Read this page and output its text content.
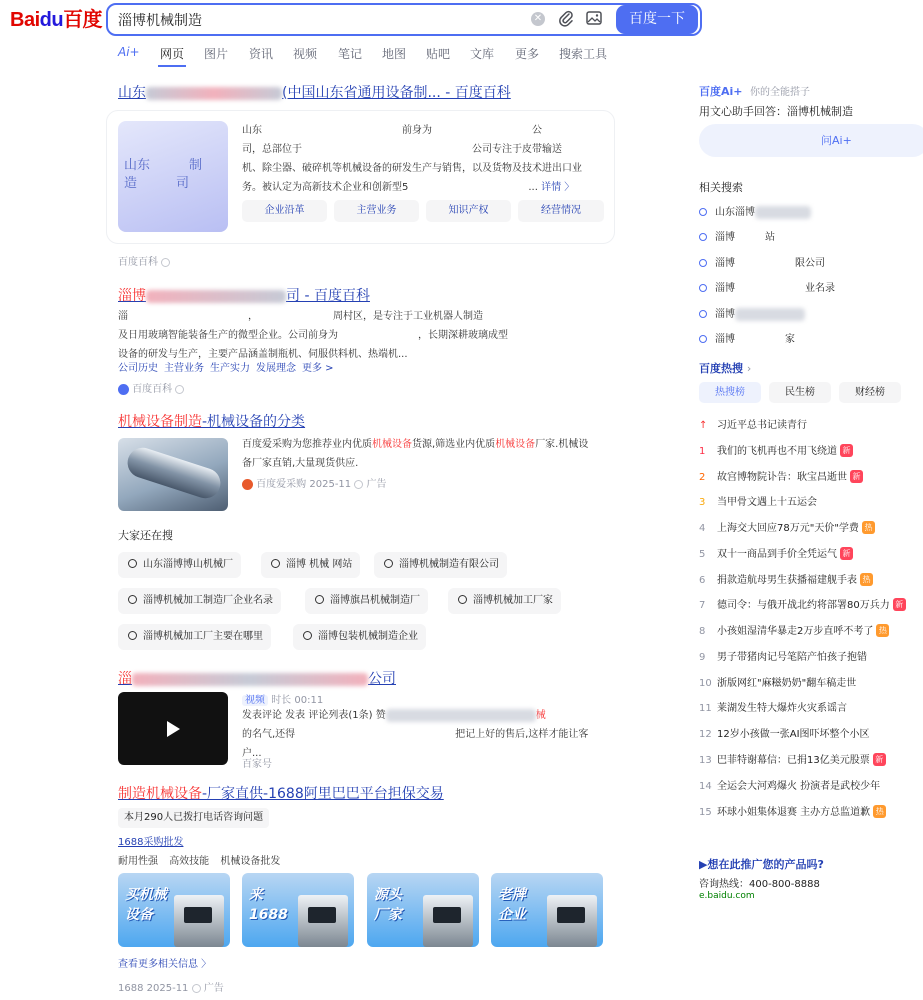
Baidu百度 淄博机械制造	✕	百度一下
Ai+ 网页 图片 资讯 视频 笔记 地图 贴吧 文库 更多 搜索工具
山东	(中国山东省通用设备制... - 百度百科
山东　　　制
造　　　司
山东　　　　　　　　　　　　　　前身为　　　　　　　　　　公
司，总部位于　　　　　　　　　　　　　　　　　公司专注于皮带输送
机、除尘器、破碎机等机械设备的研发生产与销售，以及货物及技术进出口业
务。被认定为高新技术企业和创新型5　　　　　　　　　　　　... 详情 〉
企业沿革	主营业务	知识产权	经营情况
百度百科
淄博	司 - 百度百科
淄　　　　　　　　　　　　，　　　　　　　　周村区，是专注于工业机器人制造
及日用玻璃智能装备生产的微型企业。公司前身为　　　　　　　　，长期深耕玻璃成型
设备的研发与生产，主要产品涵盖制瓶机、伺服供料机、热端机...
公司历史 主营业务 生产实力 发展理念 更多 >
百度百科
机械设备制造-机械设备的分类
百度爱采购为您推荐业内优质机械设备货源,筛选业内优质机械设备厂家.机械设
备厂家直销,大量现货供应.
百度爱采购 2025-11 广告
大家还在搜
山东淄博博山机械厂	淄博 机械 网站	淄博机械制造有限公司
淄博机械加工制造厂企业名录	淄博旗昌机械制造厂	淄博机械加工厂家
淄博机械加工厂主要在哪里	淄博包装机械制造企业
淄	公司
视频 时长 00:11
发表评论 发表 评论列表(1条) 赞	械
的名气,还得　　　　　　　　　　　　　　　　把记上好的售后,这样才能让客户...
百家号
制造机械设备-厂家直供-1688阿里巴巴平台担保交易
本月290人已拨打电话咨询问题
1688采购批发
耐用性强 高效技能 机械设备批发
买机械
设备
来
1688
源头
厂家
老牌
企业
查看更多相关信息 〉
1688 2025-11 广告
百度Ai+ 你的全能搭子
用文心助手回答：淄博机械制造
问Ai+
相关搜索
山东淄博
淄博　　　站
淄博　　　　　　限公司
淄博　　　　　　　业名录
淄博
淄博　　　　　家
百度热搜 ›
热搜榜	民生榜	财经榜
↑ 习近平总书记读青行
1 我们的飞机再也不用飞绕道 新
2 故宫博物院讣告：耿宝昌逝世 新
3 当甲骨文遇上十五运会
4 上海交大回应78万元"天价"学费 热
5 双十一商品到手价全凭运气 新
6 捐款造航母男生获播福建舰手表 热
7 德司令：与俄开战北约将部署80万兵力 新
8 小孩姐湿清华暴走2万步直呼不考了 热
9 男子带猪肉记号笔陪产怕孩子抱错
10 浙版网红"麻糍奶奶"翻车稿走世
11 莱湖发生特大爆炸火灾系谣言
12 12岁小孩做一张AI图吓坏整个小区
13 巴菲特谢幕信：已捐13亿美元股票 新
14 全运会大河鸡爆火 扮演者是武校少年
15 环球小姐集体退赛 主办方总监道歉 热
▶想在此推广您的产品吗?
咨询热线：400-800-8888
e.baidu.com
